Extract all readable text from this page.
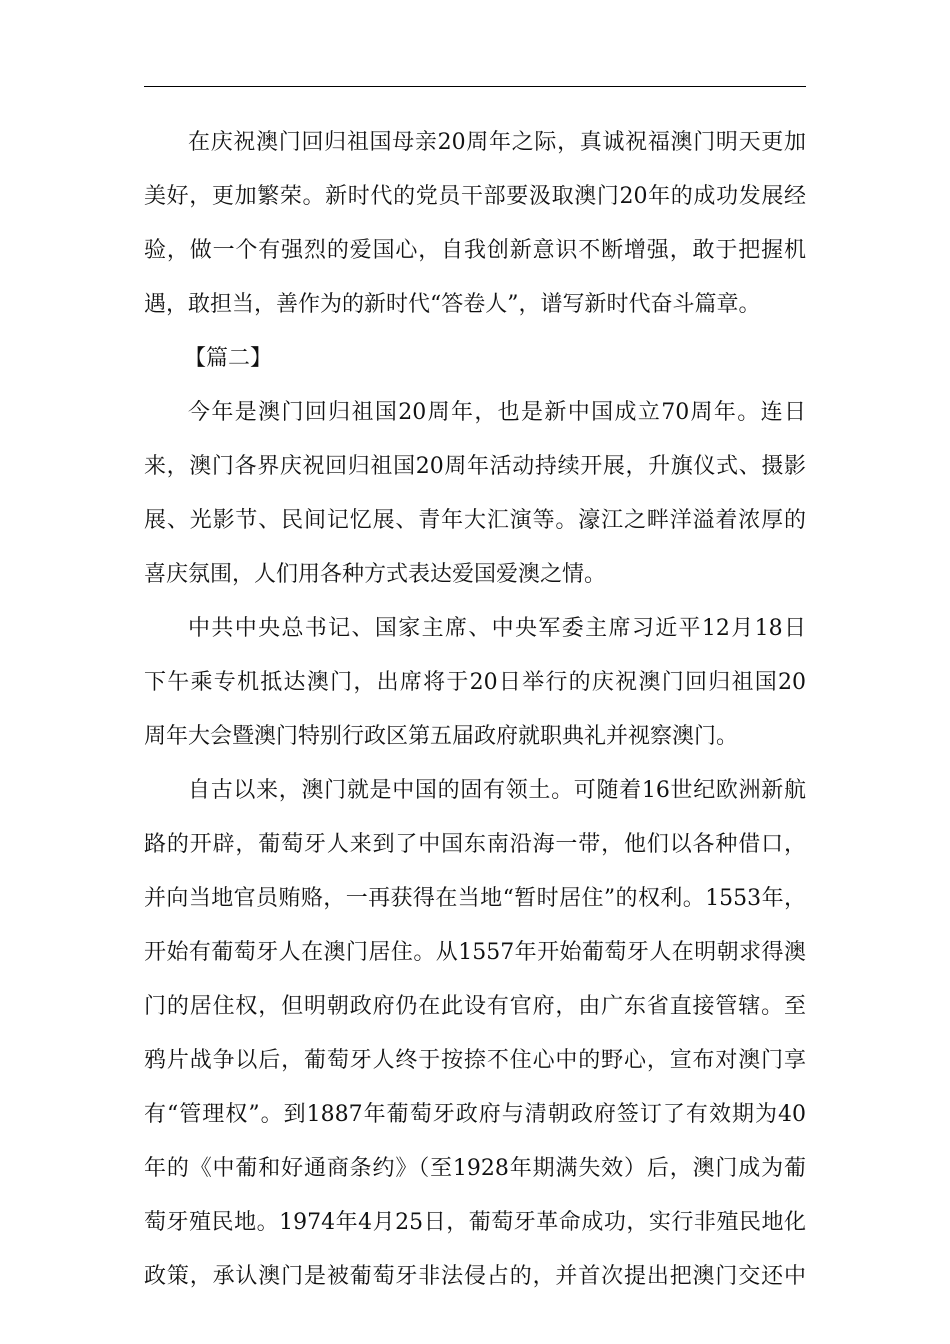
在庆祝澳门回归祖国母亲20周年之际，真诚祝福澳门明天更加
美好，更加繁荣。新时代的党员干部要汲取澳门20年的成功发展经
验，做一个有强烈的爱国心，自我创新意识不断增强，敢于把握机
遇，敢担当，善作为的新时代“答卷人”，谱写新时代奋斗篇章。

【篇二】

今年是澳门回归祖国20周年，也是新中国成立70周年。连日
来，澳门各界庆祝回归祖国20周年活动持续开展，升旗仪式、摄影
展、光影节、民间记忆展、青年大汇演等。濠江之畔洋溢着浓厚的
喜庆氛围，人们用各种方式表达爱国爱澳之情。

中共中央总书记、国家主席、中央军委主席习近平12月18日
下午乘专机抵达澳门，出席将于20日举行的庆祝澳门回归祖国20
周年大会暨澳门特别行政区第五届政府就职典礼并视察澳门。

自古以来，澳门就是中国的固有领土。可随着16世纪欧洲新航
路的开辟，葡萄牙人来到了中国东南沿海一带，他们以各种借口，
并向当地官员贿赂，一再获得在当地“暂时居住”的权利。1553年，
开始有葡萄牙人在澳门居住。从1557年开始葡萄牙人在明朝求得澳
门的居住权，但明朝政府仍在此设有官府，由广东省直接管辖。至
鸦片战争以后，葡萄牙人终于按捺不住心中的野心，宣布对澳门享
有“管理权”。到1887年葡萄牙政府与清朝政府签订了有效期为40
年的《中葡和好通商条约》（至1928年期满失效）后，澳门成为葡
萄牙殖民地。1974年4月25日，葡萄牙革命成功，实行非殖民地化
政策，承认澳门是被葡萄牙非法侵占的，并首次提出把澳门交还中
